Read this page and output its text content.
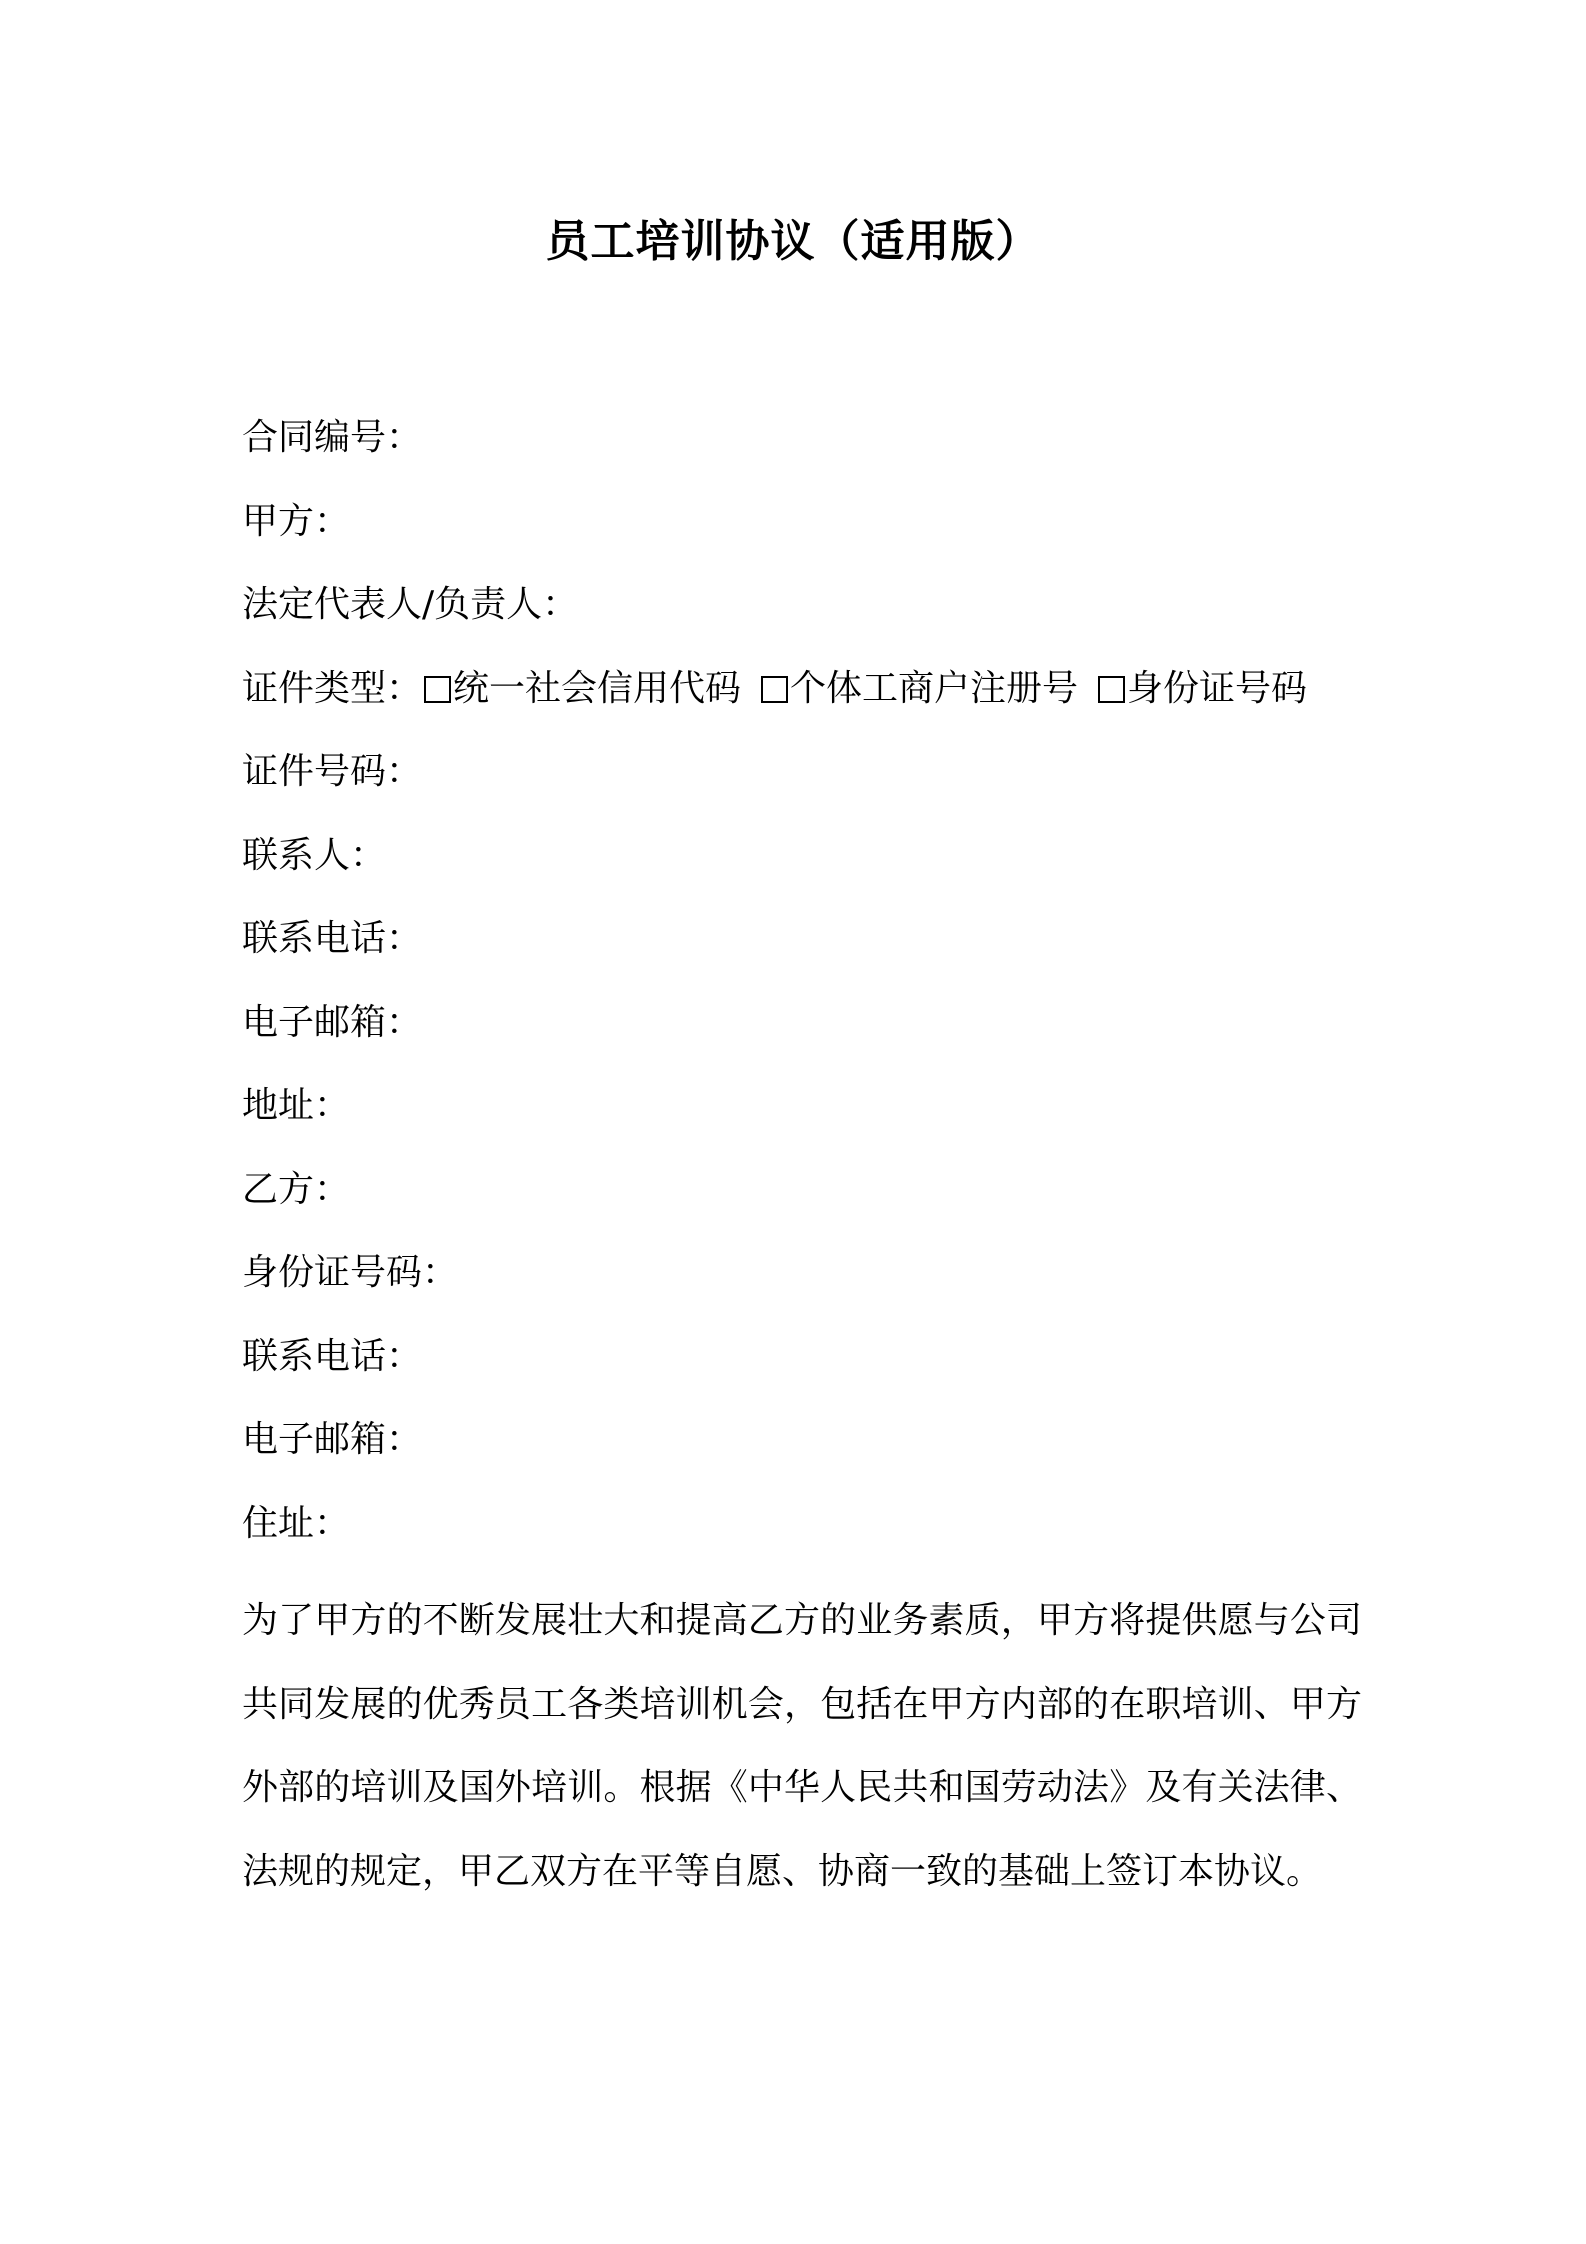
员工培训协议（适用版）
合同编号：
甲方：
法定代表人/负责人：
证件类型： 统一社会信用代码 个体工商户注册号 身份证号码
证件号码：
联系人：
联系电话：
电子邮箱：
地址：
乙方：
身份证号码：
联系电话：
电子邮箱：
住址：

为了甲方的不断发展壮大和提高乙方的业务素质，甲方将提供愿与公司共同发展的优秀员工各类培训机会，包括在甲方内部的在职培训、甲方外部的培训及国外培训。根据《中华人民共和国劳动法》及有关法律、法规的规定，甲乙双方在平等自愿、协商一致的基础上签订本协议。
